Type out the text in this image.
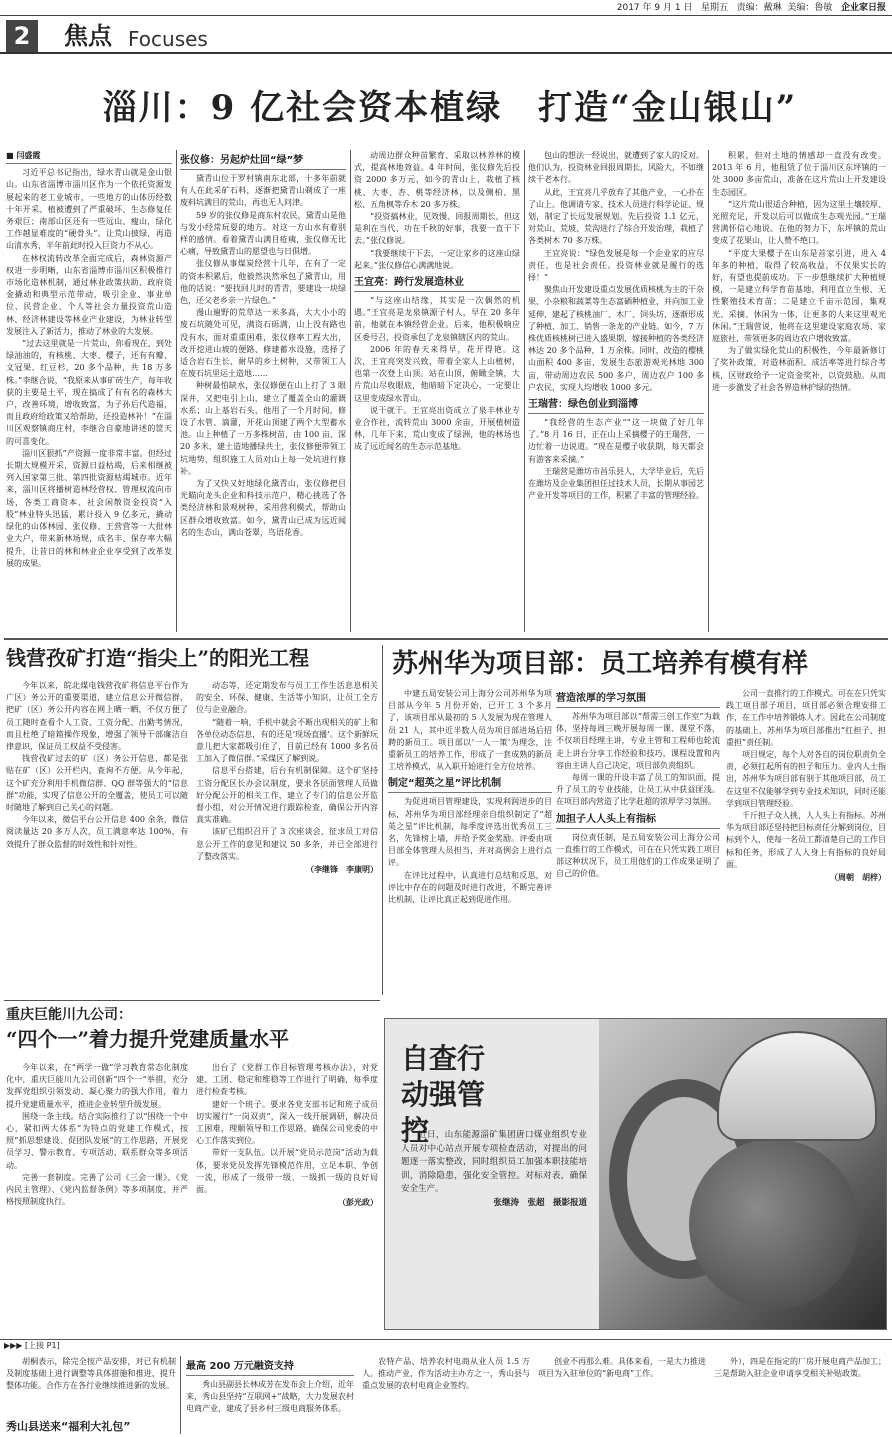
2017 年 9 月 1 日 星期五 责编：戴琳 美编：鲁敏 企业家日报
2	焦点 Focuses
淄川：9 亿社会资本植绿　打造“金山银山”
■ 闫盛霞

习近平总书记指出，绿水青山就是金山银山。山东省淄博市淄川区作为一个依托资源发展起来的老工业城市，一些地方的山体历经数十年开采、植被遭到了严重破坏、生态修复任务艰巨；南部山区还有一些远山、瘦山，绿化工作越显难度的“硬骨头”。让荒山披绿，再造山清水秀，半年前此时投入巨资力不从心。

在林权流转改革全面完成后，森林资源产权进一步明晰，山东省淄博市淄川区积极推行市场化造林机制，通过林业政策扶助、政府资金撬动和典型示范带动，吸引企业、事业单位、民营企业、个人等社会力量投资荒山造林、经济林建设等林业产业建设，为林业转型发展注入了新活力，推动了林业的大发展。

“过去这里就是一片荒山，你看现在，到处绿油油的，有核桃、大枣、樱子，还有有瓣、文冠果、红豆杉，20 多个品种，共 18 万多株。”李继合说，“我原来从事矿砖生产，每年收获的主要是土平，现在搞成了有有名的森林大户，改善环境，增收致富，为子孙后代造福，而且政府给政策又给帮助，还投造林补！”在淄川区观察镇商庄村，李继合自豪地讲述的筐天的可喜变化。

淄川区狠抓“产资源一度非常丰富。但经过长期大规模开采，资源日益枯竭，后来相继被列入国家第三批、第四批资源枯竭城市。近年来，淄川区将播树造林经营权、管理权流向市场，各类工商资本、社会闲散资金投资“入股”林业特头迅猛，累计投入 9 亿多元，撬动绿化的山体林园、张仪修、王营营等一大批林业大户，带来新林场规，成名丰、保存率大幅提升，让昔日的林和林业企业享受到了改革发展的成果。

张仪修：另起炉灶回“绿”梦

黛青山位于罗村镇南东北部，十多年前就有人在此采矿石料，逐渐把黛青山剃成了一座废料坑满目的荒山，再也无人问津。

59 岁的张仪修是商东村农民，黛青山是他与发小经常玩耍的地方。对这一方山水有着别样的感情。看着黛青山满目疮痍，张仪修无比心痛，导致黛青山的愿望也与日俱增。

张仪修从事煤炭经营十几年，在有了一定的资本积累后，他毅然决然承包了黛青山，用他的话说：“要找回儿时的青青，要建设一块绿色，还父老乡亲一片绿色。”

漫山遍野的荒草达一米多高，大大小小的废石坑随处可见，满资石砾满，山上没有路也没有水，面对重重困难，张仪修率工程大出，改开挖进山坡的便路、修建蓄水设施，选择了适合岩石生长、耐旱的乡土树种，又带领工人在废石坑里运土造地……

种树最怕缺水，张仪修便在山上打了 3 眼深井，又把电引上山，建立了覆盖全山的灌溉水系；山上基岩石头，他用了一个月时间，修设了水管、滴灌，开花山顶建了两个大型蓄水池。山上种植了一万多株树苗，由 100 亩、深 20 多米，建土造地播绿共土，张仪修便带领工坑地势，组织施工人员对山上每一处坑进行修补。

为了又快又好地绿化黛青山，张仪修把目光瞄向龙头企业和科技示范户，精心挑选了各类经济林和景观树种，采用营利模式，帮助山区群众增收致富。如今，黛青山已成为远近闻名的生态山，满山苍翠，鸟语花香。

动周边群众种苗繁育、采取以林养林的模式，提高林地效益。4 年时间，张仪修先后投资 2000 多万元，如今的青山上，栽植了核桃、大枣、杏、桃等经济林，以及侧柏、黑松、五角枫等乔木 20 多万株。

“投资搞林业，见效慢、回报周期长，但这是利在当代、功在千秋的好事，我要一直干下去。”张仪修说。

“我要继续干下去，一定让家乡的这座山绿起来。”张仪修信心满满地说。

王宜亮：跨行发展造林业

“与这座山结缘，其实是一次偶然的机遇。”王宜亮是龙泉镇源子村人，早在 20 多年前，他就在本镇经营企业。后来，他积极响应区委号召，投资承包了龙泉镇辖区内的荒山。

2006 年的春天来得早，花开得艳。这次，王宜亮突发兴致，带着全家人上山植树，也第一次登上山顶。站在山顶，俯瞰全镇，大片荒山尽收眼底，他暗暗下定决心，一定要让这里变成绿水青山。

说干就干。王宜亮出资成立了泉丰林业专业合作社，流转荒山 3000 余亩，开展植树造林，几年下来，荒山变成了绿洲，他的林场也成了远近闻名的生态示范基地。

包山的想法一经说出，就遭到了家人的反对。他们认为，投资林业回报周期长，风险大，不如继续干老本行。

从此，王宜亮几乎放弃了其他产业，一心扑在了山上。他调请专家、技术人员进行科学论证、规划，制定了长远发展规划。先后投资 1.1 亿元，对荒山、荒坡、荒沟进行了综合开发治理，栽植了各类树木 70 多万株。

王宜亮说：“绿色发展是每一个企业家的应尽责任，也是社会责任。投资林业就是履行的选择！”

聚焦山开发建设重点发展优质核桃为主的干杂果、小杂粮和蔬菜等生态富硒种植业，并向加工业延伸，建起了核桃油厂、木厂、饲头坊，逐渐形成了种植、加工、销售一条龙的产业链。如今，7 万株优质核桃树已进入盛果期，嫁接种植的各类经济林达 20 多个品种，1 万余株。同时，改造的樱桃山面积 400 多亩，发展生态旅游观光林地 300 亩，带动周边农民 500 多户，周边农户 100 多户农民，实现人均增收 1000 多元。

王瑞营：绿色创业到淄博

“我经营的生态产业”“这一块做了好几年了。”8 月 16 日，正在山上采摘樱子的王瑞营，一边忙着一边说道。“现在是樱子收获期，每天都会有游客来采摘。”

王瑞营是潍坊市昌乐县人，大学毕业后，先后在潍坊及企业集团担任过技术人员，长期从事园艺产业开发等项目的工作，积累了丰富的管理经验。

积累，但对土地的情感却一直没有改变。2013 年 6 月，他租赁了位于淄川区东坪镇的一处 3000 多亩荒山，准备在这片荒山上开发建设生态园区。

“这片荒山很适合种植，因为这里土壤较厚、光照充足，开发以后可以做成生态观光园。”王瑞营满怀信心地说。在他的努力下，东坪镇的荒山变成了花果山，让人赞不绝口。

“平度大果樱子在山东是首家引进，进入 4 年多的种植，取得了较高收益，不仅果实长的好，有望也提前成功。下一步想继续扩大种植规模，一是建立科学育苗基地，利用直立生根、无性繁殖技术育苗；二是建立千亩示范园，集观光、采摘、休闲为一体，让更多的人来这里观光休闲。”王瑞营说，他将在这里建设家庭农场、家庭旅社，带领更多的周边农户增收致富。

为了做实绿化荒山的积极性，今年最新修订了奖补政策，对造林面积、成活率等进行综合考核，区财政给予一定资金奖补，以资鼓励。从而进一步激发了社会各界造林护绿的热情。

钱营孜矿打造“指尖上”的阳光工程

今年以来，皖北煤电钱营孜矿将信息平台作为广区）务公开的重要渠道，建立信息公开微信群，把矿（区）务公开内容在网上晒一晒，不仅方便了员工随时查看个人工资、工资分配、出勤考情况，而且杜绝了暗箱操作现象，增强了领导干部廉洁自律意识，保证员工权益不受侵害。

钱营孜矿过去的矿（区）务公开信息，都是张贴在矿（区）公开栏内，查询不方便。从今年起，这个矿充分利用手机微信群、QQ 群等强大的“信息群”功能，实现了信息公开的全覆盖，使员工可以随时随地了解到自己关心的问题。

今年以来，微信平台公开信息 400 余条，微信阅读量达 20 多万人次，员工满意率达 100%，有效提升了群众监督的时效性和针对性。

动态等，还定期发布与员工工作生活息息相关的安全、环保、健康、生活等小知识，让员工全方位与企业融合。

“随着一响，手机中就会不断出现相关的矿上和各单位动态信息，有的还是‘现场直播’。这个新鲜玩意儿把大家都吸引住了，目前已经有 1000 多名员工加入了微信群。”采煤区了解到说。

信息平台搭建，后台有机制保障。这个矿坚持工资分配区长办会议制度，要求各层面管理人员做好分配公开的相关工作，建立了专门的信息公开监督小组，对公开情况进行跟踪检查，确保公开内容真实准确。

该矿已组织召开了 3 次座谈会，征求员工对信息公开工作的意见和建议 50 多条，并已全部进行了整改落实。

（李继锋　李康明）

苏州华为项目部：员工培养有模有样

中建五局安装公司上海分公司苏州华为项目部从今年 5 月份开始，已开工 3 个多月了，该项目部从最初的 5 人发展为现在管理人员 21 人，其中近半数人员为项目部进场后招聘的新员工。项目部以‘一人一策’为理念，注重新员工的培养工作，形成了一套成熟的新员工培养模式，从入职开始进行全方位培养。

制定“超英之星”评比机制

为促进项目管理建设，实现利润进步的目标，苏州华为项目部经理亲自组织制定了“超英之星”评比机制，每季度评选出优秀员工三名，先锋榜上墙，并给予奖金奖励。评委由项目部全体管理人员担当，并对高例会上进行点评。

在评比过程中，认真进行总结和反思，对评比中存在的问题及时进行改进，不断完善评比机制，让评比真正起到促进作用。

营造浓厚的学习氛围

苏州华为项目部以“帮需三创工作室”为载体，坚持每周三晚开展每周一课、课堂不落，不仅项目经理主讲，专业主管和工程师也轮流走上讲台分享工作经验和技巧，课程设置和内容由主讲人自己决定，项目部负责组织。

每周一课的开设丰富了员工的知识面，提升了员工的专业技能，让员工从中获益匪浅。在项目部内营造了比学赶超的浓厚学习氛围。

加担子人人头上有指标

岗位责任制，是五局安装公司上海分公司一直推行的工作模式，可在在只凭实践工项目部这种状况下，员工用他们的工作成果证明了自己的价值。

公司一直推行的工作模式。可在在只凭实践工项目部子项目，项目部必须合理安排工作，在工作中培养锻炼人才。因此在公司制度的基础上，苏州华为项目部推出“扛担子、担重担”责任制。

项目规定，每个人对各自的岗位职责负全责，必须扛起所有的担子和压力。业内人士指出，苏州华为项目部有别于其他项目部，员工在这里不仅能够学到专业技术知识，同时还能学到项目管理经验。

千斤担子众人挑，人人头上有指标。苏州华为项目部还坚持把目标责任分解到岗位，目标到个人，使每一名员工都清楚自己的工作目标和任务，形成了人人身上有指标的良好局面。

（周朝　胡梓）

重庆巨能川九公司：
“四个一”着力提升党建质量水平

今年以来，在“两学一做”学习教育常态化制度化中，重庆巨能川九公司创新“四个一”举措，充分发挥党组织引领发动、凝心聚力的强大作用，着力提升党建质量水平，推进企业转型升级发展。

围绕一条主线。结合实际推行了以“围绕一个中心，紧扣两大体系”为特点的党建工作模式，按照“抓思想建设、促团队发展”的工作思路，开展党员学习、警示教育、专项活动、联系群众等多项活动。

完善一套制度。完善了公司《三会一课》、《党内民主管理》、《党内监督条例》等多项制度，并严格按照制度执行。

出台了《党群工作目标管理考核办法》，对党建、工团、稳定和维稳等工作进行了明确，每季度进行检查考核。

建好一个班子。要求各党支部书记和班子成员切实履行“一岗双责”，深入一线开展调研，解决员工困难，理顺领导和工作思路，确保公司党委的中心工作落实到位。

带好一支队伍。以开展“党员示范岗”活动为载体，要求党员发挥先锋模范作用，立足本职、争创一流，形成了一级带一级、一级抓一级的良好局面。

（彭光政）

自查行动强管控

近日，山东能源淄矿集团唐口煤业组织专业人员对中心站点开展专项检查活动，对提出的问题逐一落实整改，同时组织员工加强本职技能培训，消除隐患，强化安全管控。对标对表，确保安全生产。

张继涛　张超　摄影报道

▶▶▶ [上接 P1]

胡桐表示，除完全按产品安排，对已有机制及制度基础上进行调整等具体措施和推进，提升整体功能。合作方在各行业继续推进新的发展。

秀山县送来“福利大礼包”
最高 200 万元融资支持

秀山县副县长林成芳在发布会上介绍，近年来，秀山县坚持“互联网+”战略，大力发展农村电商产业，建成了县乡村三级电商服务体系。

农特产品、培养农村电商从业人员 1.5 万人。推动产业，作为活动主办方之一，秀山县与重点发展的农村电商企业签约。

创业不再那么难。具体来看，一是大力推进项目为入驻单位的“新电商”工作。

外），四是在指定的厂房开展电商产品加工；三是帮助入驻企业申请享受相关补贴政策。
